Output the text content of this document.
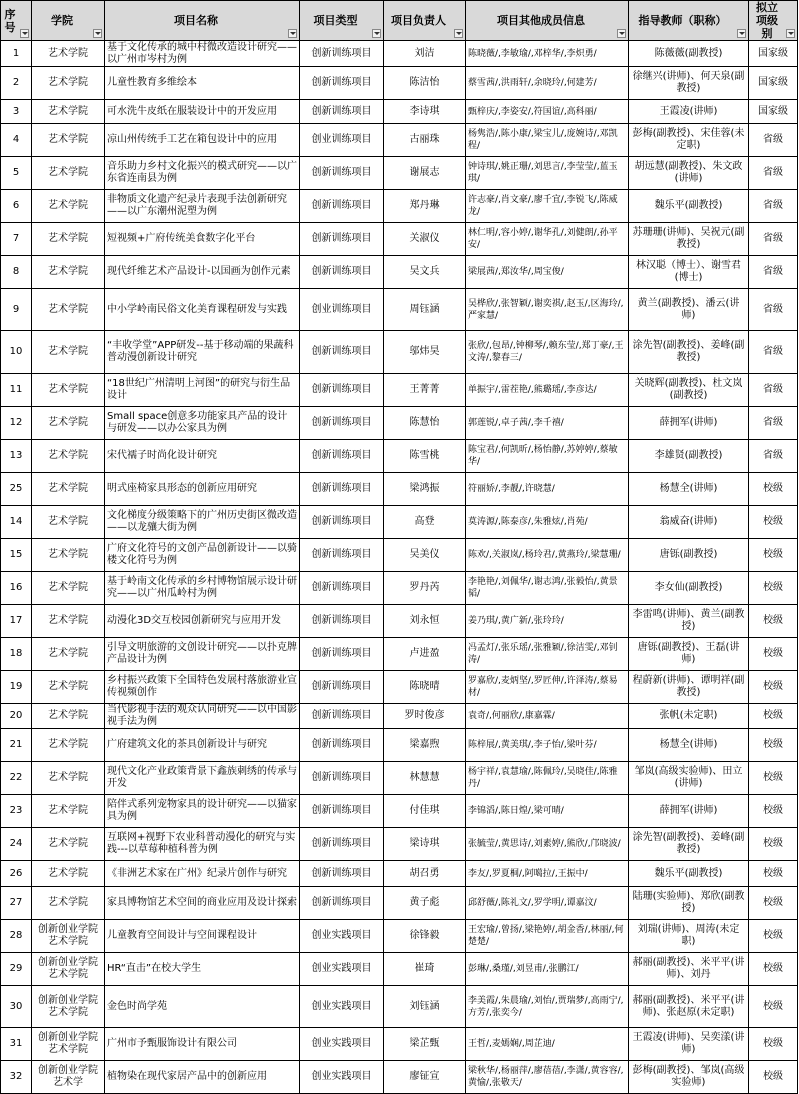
序号	学院	项目名称	项目类型	项目负责人	项目其他成员信息	指导教师（职称）	拟立项级别

1	艺术学院	基于文化传承的城中村微改造设计研究——以广州市岑村为例	创新训练项目	刘洁	陈晓薇/,李敏瑜/,邓梓华/,李炽勇/	陈薇薇(副教授)	国家级
2	艺术学院	儿童性教育多维绘本	创新训练项目	陈洁怡	蔡雪茜/,洪雨轩/,余晓玲/,何建芳/	徐继兴(讲师)、何天泉(副教授)	国家级
3	艺术学院	可水洗牛皮纸在服装设计中的开发应用	创新训练项目	李诗琪	甄梓庆/,李姿安/,符国谊/,高科丽/	王霞凌(讲师)	国家级
4	艺术学院	凉山州传统手工艺在箱包设计中的应用	创业训练项目	古丽珠	杨隽浩/,陈小康/,梁宝儿/,庞婉诗/,邓凯程/	彭梅(副教授)、宋佳蓉(未定职)	省级
5	艺术学院	音乐助力乡村文化振兴的模式研究——以广东省连南县为例	创新训练项目	谢展志	钟诗琪/,姚正珊/,刘思言/,李莹莹/,蓝玉琪/	胡远慧(副教授)、朱文政(讲师)	省级
6	艺术学院	非物质文化遗产纪录片表现手法创新研究——以广东潮州泥塑为例	创新训练项目	郑丹琳	许志豪/,肖文豪/,廖千宜/,李锐飞/,陈威龙/	魏乐平(副教授)	省级
7	艺术学院	短视频+广府传统美食数字化平台	创新训练项目	关淑仪	林仁明/,容小婷/,谢华孔/,刘健朗/,孙平安/	苏珊珊(讲师)、吴祝元(副教授)	省级
8	艺术学院	现代纤维艺术产品设计-以国画为创作元素	创新训练项目	吴文兵	梁展茜/,郑汝华/,周宝俊/	林汉聪（博士）、谢雪君(博士)	省级
9	艺术学院	中小学岭南民俗文化美育课程研发与实践	创业训练项目	周钰涵	吴桦欣/,张智颖/,谢奕祺/,赵玉/,区海玲/,严家慧/	黄兰(副教授)、潘云(讲师)	省级
10	艺术学院	“丰收学堂”APP研发--基于移动端的果蔬科普动漫创新设计研究	创新训练项目	邬炜昊	张欣/,包昂/,钟柳琴/,赖东莹/,郑丁豪/,王文涛/,黎春三/	涂先智(副教授)、姜峰(副教授)	省级
11	艺术学院	“18世纪广州清明上河图”的研究与衍生品设计	创新训练项目	王菁菁	单振宇/,雷茬艳/,熊璐瑶/,李彦达/	关晓辉(副教授)、杜文岚(副教授)	省级
12	艺术学院	Small space创意多功能家具产品的设计与研发——以办公家具为例	创新训练项目	陈慧怡	郭莲锐/,卓子茜/,李千禧/	薛拥军(讲师)	省级
13	艺术学院	宋代襦子时尚化设计研究	创新训练项目	陈雪桃	陈宝君/,何凯昕/,杨怡静/,苏婷婷/,蔡敏华/	李雄贤(副教授)	省级
25	艺术学院	明式座椅家具形态的创新应用研究	创新训练项目	梁鸿振	符丽娇/,李靓/,许晓慧/	杨慧全(讲师)	校级
14	艺术学院	文化梯度分级策略下的广州历史街区微改造——以龙骧大街为例	创新训练项目	高登	莫涛源/,陈泰彦/,朱雅炫/,肖苑/	翁威奋(讲师)	校级
15	艺术学院	广府文化符号的文创产品创新设计——以骑楼文化符号为例	创新训练项目	吴美仪	陈欢/,关淑岚/,杨玲君/,黄燕玲/,梁慧珊/	唐铄(副教授)	校级
16	艺术学院	基于岭南文化传承的乡村博物馆展示设计研究——以广州瓜岭村为例	创新训练项目	罗丹芮	李艳艳/,刘佩华/,谢志鸿/,张毅怡/,黄景韬/	李女仙(副教授)	校级
17	艺术学院	动漫化3D交互校园创新研究与应用开发	创新训练项目	刘永恒	姜乃琪/,黄广新/,张玲玲/	李雷鸣(讲师)、黄兰(副教授)	校级
18	艺术学院	引导文明旅游的文创设计研究——以扑克牌产品设计为例	创新训练项目	卢进盈	冯孟灯/,张乐瑶/,张雅颖/,徐洁雯/,邓钊涛/	唐铄(副教授)、王磊(讲师)	校级
19	艺术学院	乡村振兴政策下全国特色发展村落旅游业宣传视频创作	创新训练项目	陈晓晴	罗嘉欣/,麦炳坚/,罗匠伸/,许泽涛/,蔡易材/	程蔚新(讲师)、谭明祥(副教授)	校级
20	艺术学院	当代影视手法的观众认同研究——以中国影视手法为例	创新训练项目	罗时俊彦	袁奇/,何丽欣/,康嘉霖/	张帆(未定职)	校级
21	艺术学院	广府建筑文化的茶具创新设计与研究	创新训练项目	梁嘉煦	陈梓展/,黄美琪/,李子怡/,梁叶芬/	杨慧全(讲师)	校级
22	艺术学院	现代文化产业政策背景下鑫族刺绣的传承与开发	创新训练项目	林慧慧	杨宇祥/,袁慧瑜/,陈佩玲/,吴晓佳/,陈雅丹/	邹岚(高级实验师)、田立(讲师)	校级
23	艺术学院	陪伴式系列宠物家具的设计研究——以猫家具为例	创新训练项目	付佳琪	李锦滔/,陈日煌/,梁可晴/	薛拥军(讲师)	校级
24	艺术学院	互联网+视野下农业科普动漫化的研究与实践---以草莓种植科普为例	创新训练项目	梁诗琪	张毓莹/,黄思诗/,刘素婷/,熊欣/,邝晓波/	涂先智(副教授)、姜峰(副教授)	校级
26	艺术学院	《非洲艺术家在广州》纪录片创作与研究	创新训练项目	胡召勇	李友/,罗夏桐/,阿噶拉/,王振中/	魏乐平(副教授)	校级
27	艺术学院	家具博物馆艺术空间的商业应用及设计探索	创新训练项目	黄子彪	邱舒薇/,陈礼文/,罗学明/,谭嘉汶/	陆珊(实验师)、郑欣(副教授)	校级
28	创新创业学院 艺术学院	儿童教育空间设计与空间课程设计	创业实践项目	徐锋毅	王宏瑜/,曾扬/,梁艳婷/,胡金香/,林丽/,何楚楚/	刘瑞(讲师)、周涛(未定职)	校级
29	创新创业学院 艺术学院	HR“直击”在校大学生	创业实践项目	崔琦	彭琳/,桑瑾/,刘昱甫/,张鹏江/	郝丽(副教授)、米平平(讲师)、刘丹	校级
30	创新创业学院 艺术学院	金色时尚学苑	创业实践项目	刘钰涵	李美霞/,朱晨瑜/,刘怡/,贾瑞梦/,高雨宁/,方芳/,张奕今/	郝丽(副教授)、米平平(讲师)、张赵原(未定职)	校级
31	创新创业学院 艺术学院	广州市予甄服饰设计有限公司	创业实践项目	梁芷甄	王哲/,麦嫣娴/,周芷迪/	王霞凌(讲师)、吴奕漾(讲师)	校级
32	创新创业学院 艺术学	植物染在现代家居产品中的创新应用	创业实践项目	廖钲宣	梁秋华/,杨丽萍/,廖蓓蓓/,李潇/,黄容容/,黄愉/,张敬天/	彭梅(副教授)、邹岚(高级实验师)	校级
